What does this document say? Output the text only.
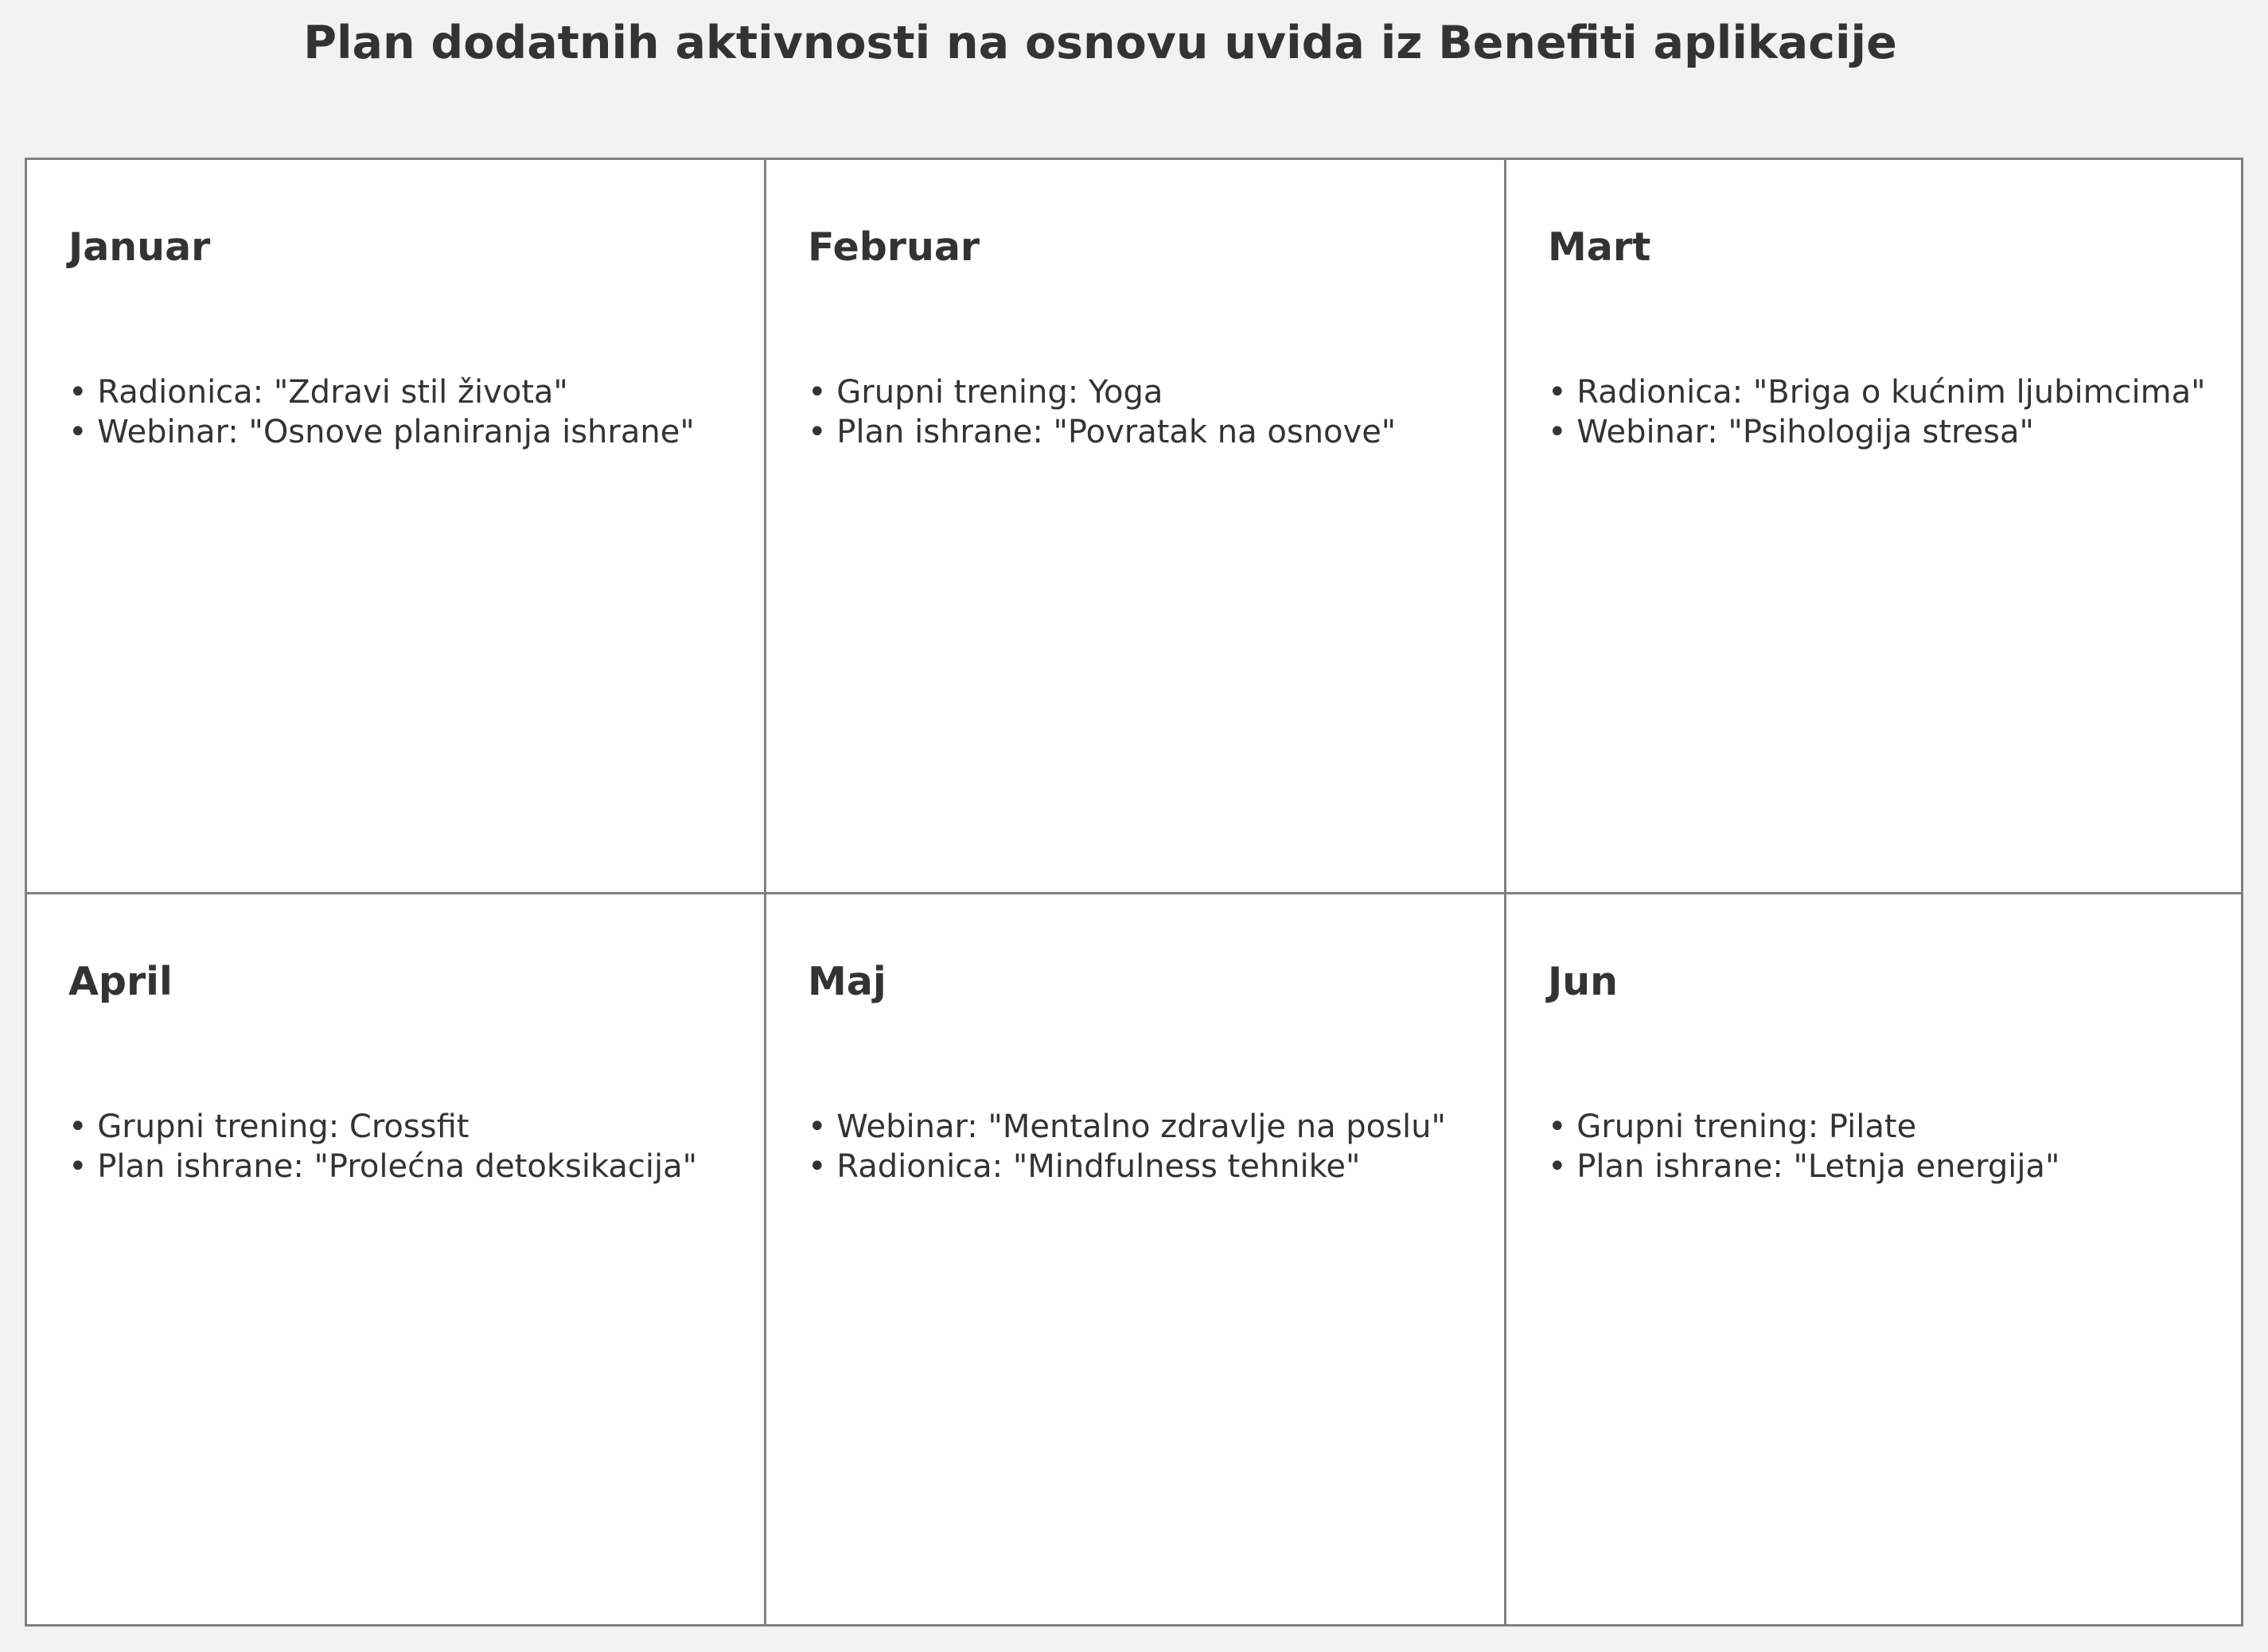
Plan dodatnih aktivnosti na osnovu uvida iz Benefiti aplikacije
Januar
• Radionica: "Zdravi stil života"
• Webinar: "Osnove planiranja ishrane"
Februar
• Grupni trening: Yoga
• Plan ishrane: "Povratak na osnove"
Mart
• Radionica: "Briga o kućnim ljubimcima"
• Webinar: "Psihologija stresa"
April
• Grupni trening: Crossfit
• Plan ishrane: "Prolećna detoksikacija"
Maj
• Webinar: "Mentalno zdravlje na poslu"
• Radionica: "Mindfulness tehnike"
Jun
• Grupni trening: Pilate
• Plan ishrane: "Letnja energija"
